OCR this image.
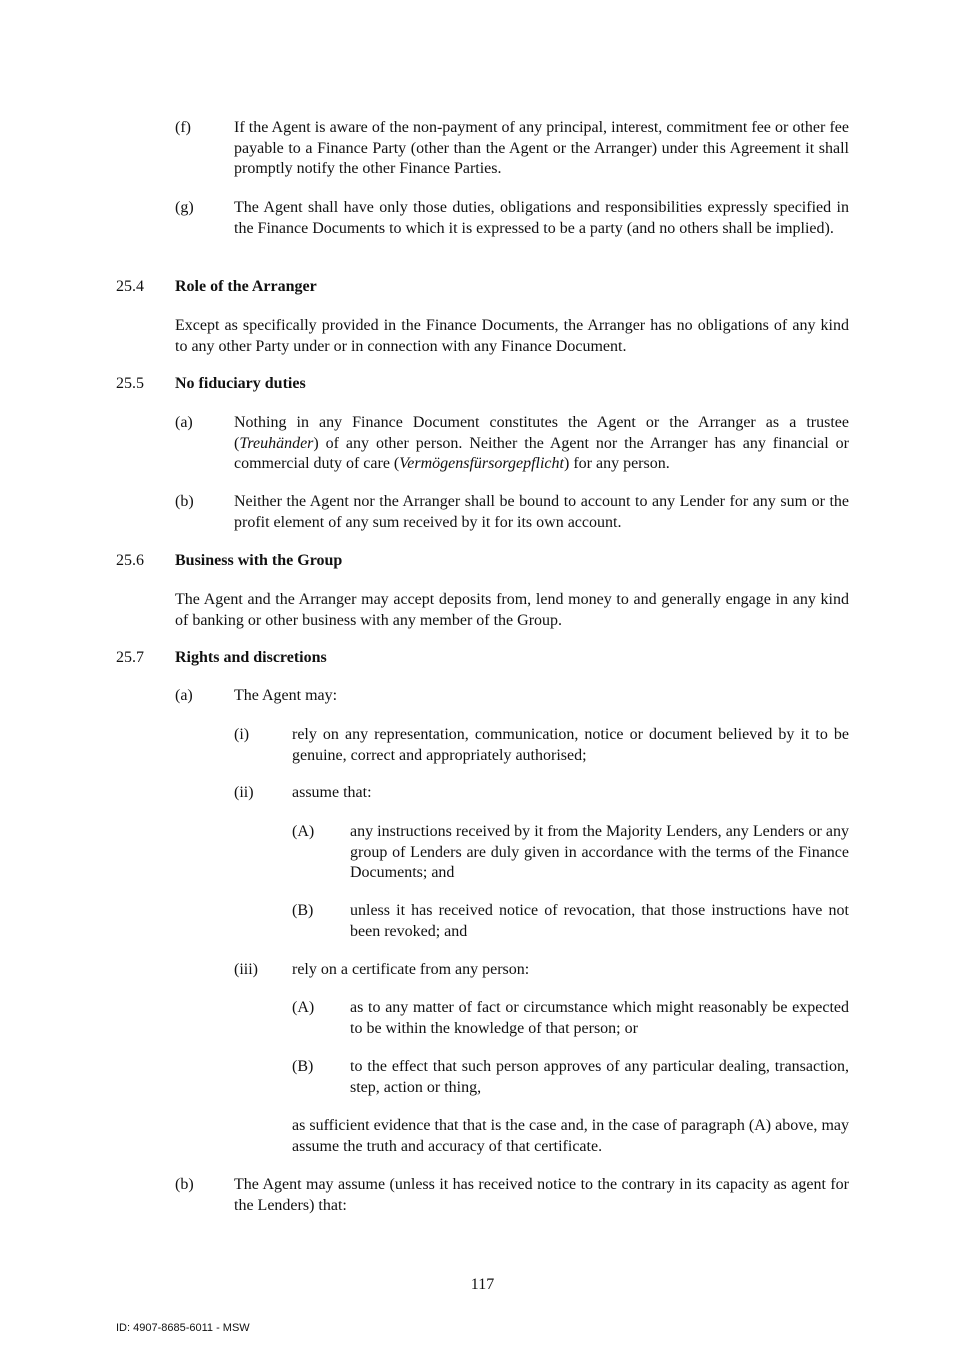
(f)	If the Agent is aware of the non-payment of any principal, interest, commitment fee or other fee payable to a Finance Party (other than the Agent or the Arranger) under this Agreement it shall promptly notify the other Finance Parties.
(g)	The Agent shall have only those duties, obligations and responsibilities expressly specified in the Finance Documents to which it is expressed to be a party (and no others shall be implied).
25.4 Role of the Arranger
Except as specifically provided in the Finance Documents, the Arranger has no obligations of any kind to any other Party under or in connection with any Finance Document.
25.5 No fiduciary duties
(a)	Nothing in any Finance Document constitutes the Agent or the Arranger as a trustee (Treuhänder) of any other person. Neither the Agent nor the Arranger has any financial or commercial duty of care (Vermögensfürsorgepflicht) for any person.
(b)	Neither the Agent nor the Arranger shall be bound to account to any Lender for any sum or the profit element of any sum received by it for its own account.
25.6 Business with the Group
The Agent and the Arranger may accept deposits from, lend money to and generally engage in any kind of banking or other business with any member of the Group.
25.7 Rights and discretions
(a)	The Agent may:
(i)	rely on any representation, communication, notice or document believed by it to be genuine, correct and appropriately authorised;
(ii) assume that:
(A) any instructions received by it from the Majority Lenders, any Lenders or any group of Lenders are duly given in accordance with the terms of the Finance Documents; and
(B) unless it has received notice of revocation, that those instructions have not been revoked; and
(iii) rely on a certificate from any person:
(A) as to any matter of fact or circumstance which might reasonably be expected to be within the knowledge of that person; or
(B) to the effect that such person approves of any particular dealing, transaction, step, action or thing,
as sufficient evidence that that is the case and, in the case of paragraph (A) above, may assume the truth and accuracy of that certificate.
(b)	The Agent may assume (unless it has received notice to the contrary in its capacity as agent for the Lenders) that:
117
ID: 4907-8685-6011 - MSW
